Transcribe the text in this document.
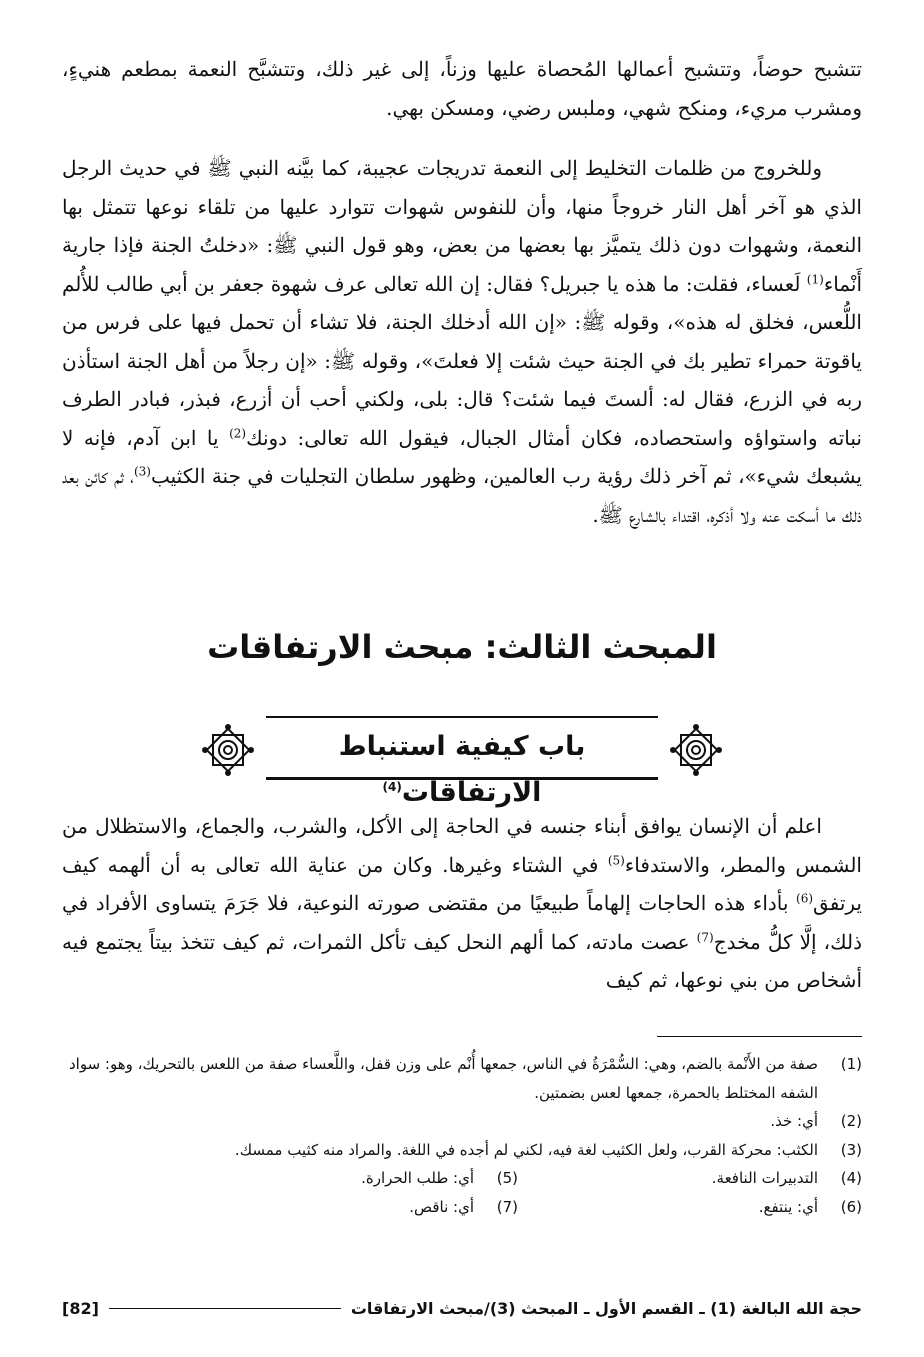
تتشبح حوضاً، وتتشبح أعمالها المُحصاة عليها وزناً، إلى غير ذلك، وتتشبَّح النعمة بمطعم هنيءٍ، ومشرب مريء، ومنكح شهي، وملبس رضي، ومسكن بهي.

وللخروج من ظلمات التخليط إلى النعمة تدريجات عجيبة، كما بيَّنه النبي ﷺ في حديث الرجل الذي هو آخر أهل النار خروجاً منها، وأن للنفوس شهوات تتوارد عليها من تلقاء نوعها تتمثل بها النعمة، وشهوات دون ذلك يتميَّز بها بعضها من بعض، وهو قول النبي ﷺ: «دخلتُ الجنة فإذا جارية أَنْماء$^{(1)}$ لَعساء، فقلت: ما هذه يا جبريل؟ فقال: إن الله تعالى عرف شهوة جعفر بن أبي طالب للأُلم اللُّعس، فخلق له هذه»، وقوله ﷺ: «إن الله أدخلك الجنة، فلا تشاء أن تحمل فيها على فرس من ياقوتة حمراء تطير بك في الجنة حيث شئت إلا فعلتَ»، وقوله ﷺ: «إن رجلاً من أهل الجنة استأذن ربه في الزرع، فقال له: ألستَ فيما شئت؟ قال: بلى، ولكني أحب أن أزرع، فبذر، فبادر الطرف نباته واستواؤه واستحصاده، فكان أمثال الجبال، فيقول الله تعالى: دونك$^{(2)}$ يا ابن آدم، فإنه لا يشبعك شيء»، ثم آخر ذلك رؤية رب العالمين، وظهور سلطان التجليات في جنة الكثيب$^{(3)}$، ثم كائن بعد ذلك ما أسكت عنه ولا أذكره، اقتداء بالشارع ﷺ.

المبحث الثالث: مبحث الارتفاقات
باب كيفية استنباط الارتفاقات$^{(4)}$

اعلم أن الإنسان يوافق أبناء جنسه في الحاجة إلى الأكل، والشرب، والجماع، والاستظلال من الشمس والمطر، والاستدفاء$^{(5)}$ في الشتاء وغيرها. وكان من عناية الله تعالى به أن ألهمه كيف يرتفق$^{(6)}$ بأداء هذه الحاجات إلهاماً طبيعيًا من مقتضى صورته النوعية، فلا جَرَمَ يتساوى الأفراد في ذلك، إلَّا كلُّ مخدج$^{(7)}$ عصت مادته، كما ألهم النحل كيف تأكل الثمرات، ثم كيف تتخذ بيتاً يجتمع فيه أشخاص من بني نوعها، ثم كيف

(1)
صفة من الأَنْمة بالضم، وهي: السُّمْرَةُ في الناس، جمعها أُنْم على وزن قفل، واللَّعساء صفة من اللعس بالتحريك، وهو: سواد الشفه المختلط بالحمرة، جمعها لعس بضمتين.
(2)
أي: خذ.
(3)
الكثب: محركة القرب، ولعل الكثيب لغة فيه، لكني لم أجده في اللغة. والمراد منه كثيب ممسك.
(4)
التدبيرات النافعة.
(5)
أي: طلب الحرارة.
(6)
أي: ينتفع.
(7)
أي: ناقص.
حجة الله البالغة (1) ـ القسم الأول ـ المبحث (3)/مبحث الارتفاقات
[82]
